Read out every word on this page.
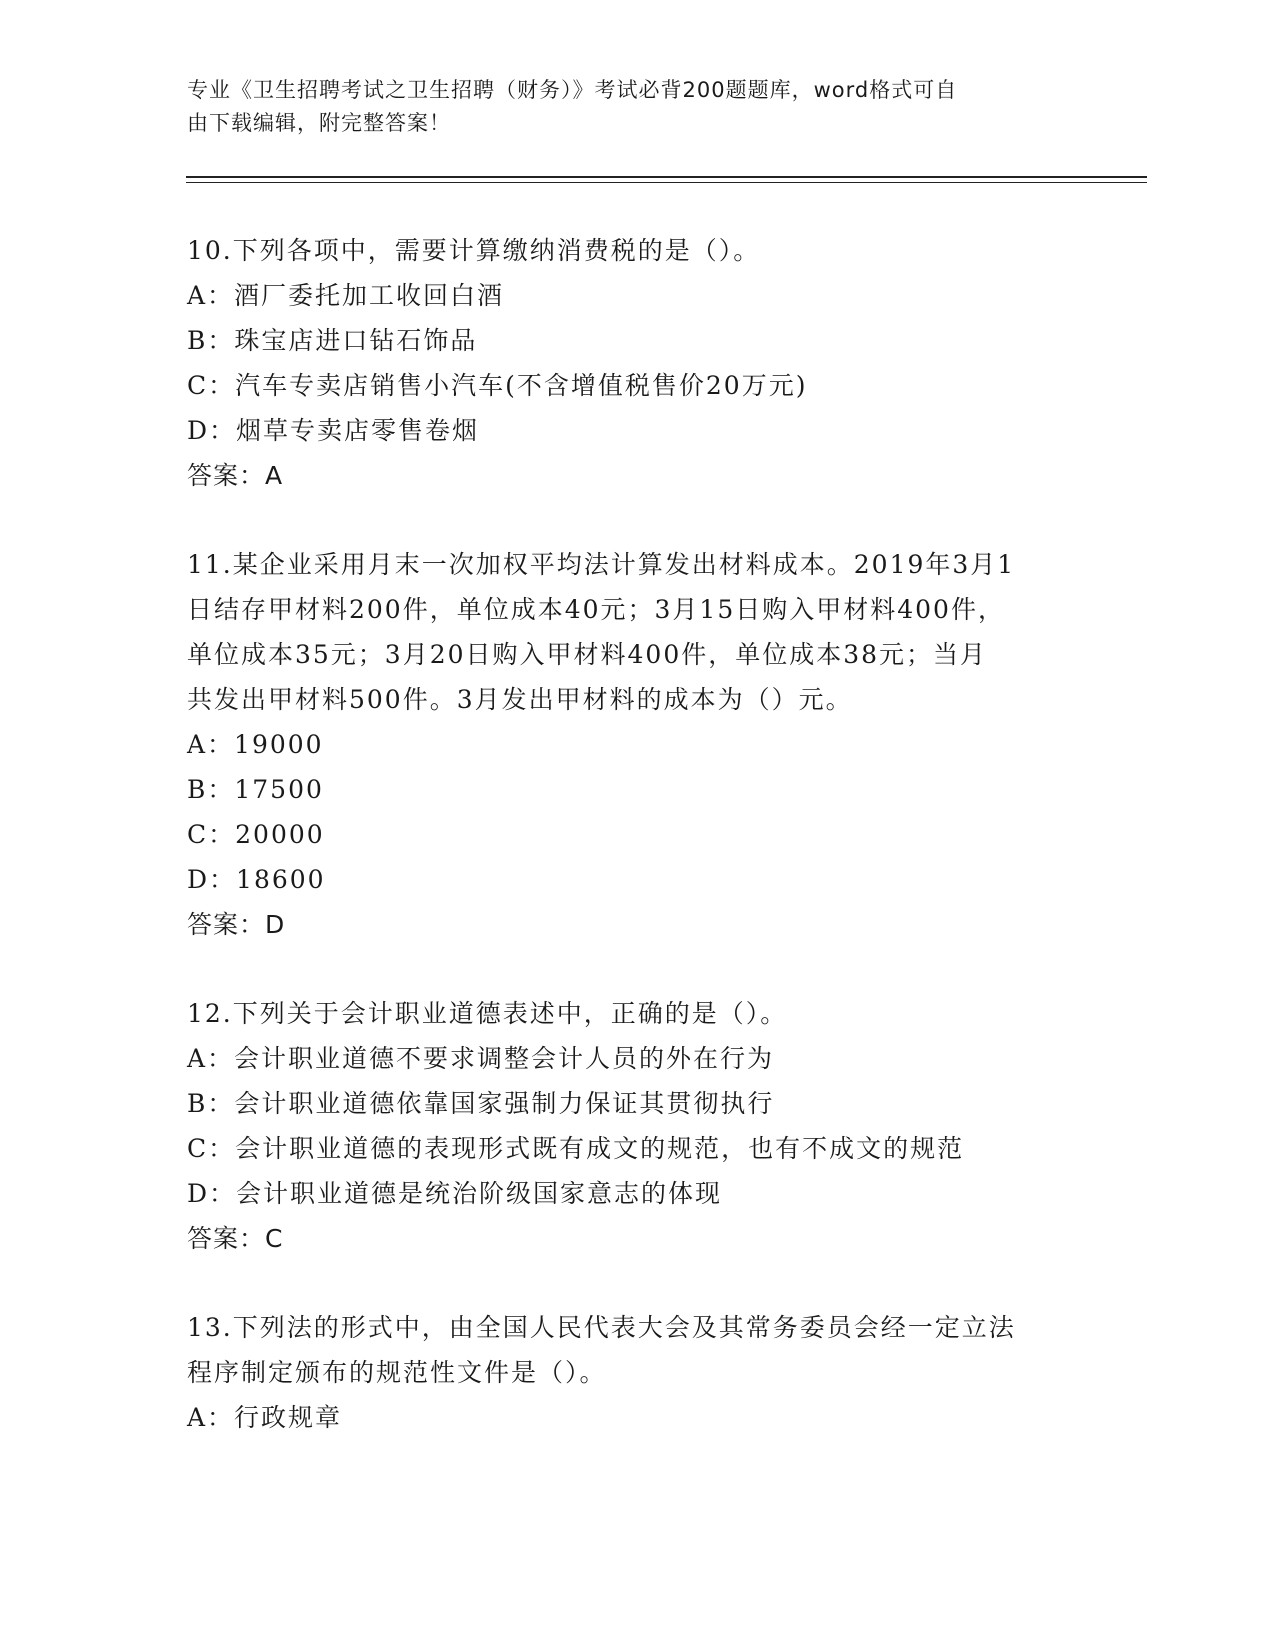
专业《卫生招聘考试之卫生招聘（财务）》考试必背200题题库，word格式可自
由下载编辑，附完整答案！
10.下列各项中，需要计算缴纳消费税的是（）。
A：酒厂委托加工收回白酒
B：珠宝店进口钻石饰品
C：汽车专卖店销售小汽车(不含增值税售价20万元)
D：烟草专卖店零售卷烟
答案：A
11.某企业采用月末一次加权平均法计算发出材料成本。2019年3月1
日结存甲材料200件，单位成本40元；3月15日购入甲材料400件，
单位成本35元；3月20日购入甲材料400件，单位成本38元；当月
共发出甲材料500件。3月发出甲材料的成本为（）元。
A：19000
B：17500
C：20000
D：18600
答案：D
12.下列关于会计职业道德表述中，正确的是（）。
A：会计职业道德不要求调整会计人员的外在行为
B：会计职业道德依靠国家强制力保证其贯彻执行
C：会计职业道德的表现形式既有成文的规范，也有不成文的规范
D：会计职业道德是统治阶级国家意志的体现
答案：C
13.下列法的形式中，由全国人民代表大会及其常务委员会经一定立法
程序制定颁布的规范性文件是（）。
A：行政规章
